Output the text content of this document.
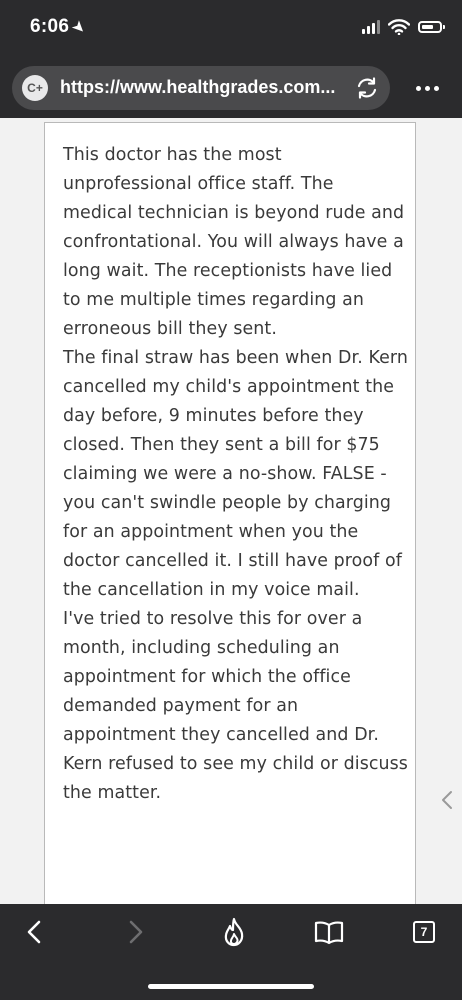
6:06➤
C+ https://www.healthgrades.com...

This doctor has the most unprofessional office staff. The medical technician is beyond rude and confrontational. You will always have a long wait. The receptionists have lied to me multiple times regarding an erroneous bill they sent.
The final straw has been when Dr. Kern cancelled my child's appointment the day before, 9 minutes before they closed. Then they sent a bill for $75 claiming we were a no-show. FALSE - you can't swindle people by charging for an appointment when you the doctor cancelled it. I still have proof of the cancellation in my voice mail.
I've tried to resolve this for over a month, including scheduling an appointment for which the office demanded payment for an appointment they cancelled and Dr. Kern refused to see my child or discuss the matter.

7
